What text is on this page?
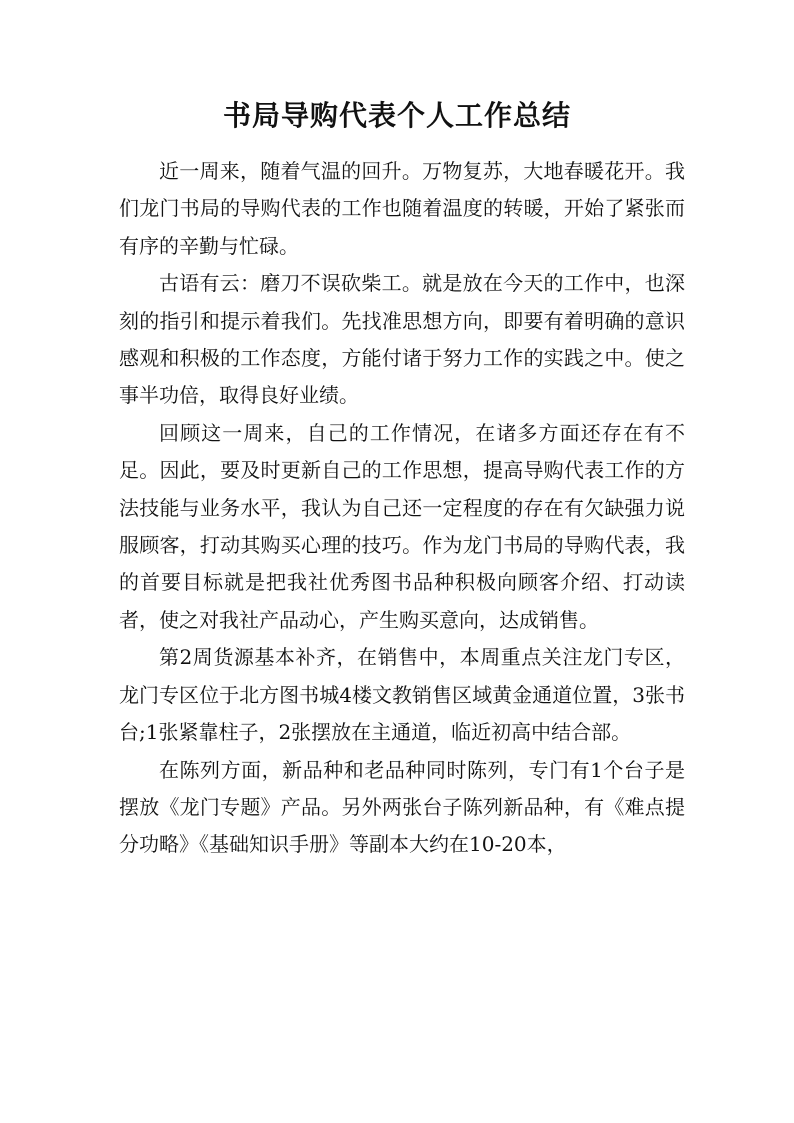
书局导购代表个人工作总结

近一周来，随着气温的回升。万物复苏，大地春暖花开。我们龙门书局的导购代表的工作也随着温度的转暖，开始了紧张而有序的辛勤与忙碌。

古语有云：磨刀不误砍柴工。就是放在今天的工作中，也深刻的指引和提示着我们。先找准思想方向，即要有着明确的意识感观和积极的工作态度，方能付诸于努力工作的实践之中。使之事半功倍，取得良好业绩。

回顾这一周来，自己的工作情况，在诸多方面还存在有不足。因此，要及时更新自己的工作思想，提高导购代表工作的方法技能与业务水平，我认为自己还一定程度的存在有欠缺强力说服顾客，打动其购买心理的技巧。作为龙门书局的导购代表，我的首要目标就是把我社优秀图书品种积极向顾客介绍、打动读者，使之对我社产品动心，产生购买意向，达成销售。

第2周货源基本补齐，在销售中，本周重点关注龙门专区，龙门专区位于北方图书城4楼文教销售区域黄金通道位置，3张书台;1张紧靠柱子，2张摆放在主通道，临近初高中结合部。

在陈列方面，新品种和老品种同时陈列，专门有1个台子是摆放《龙门专题》产品。另外两张台子陈列新品种，有《难点提分功略》《基础知识手册》等副本大约在10-20本，
